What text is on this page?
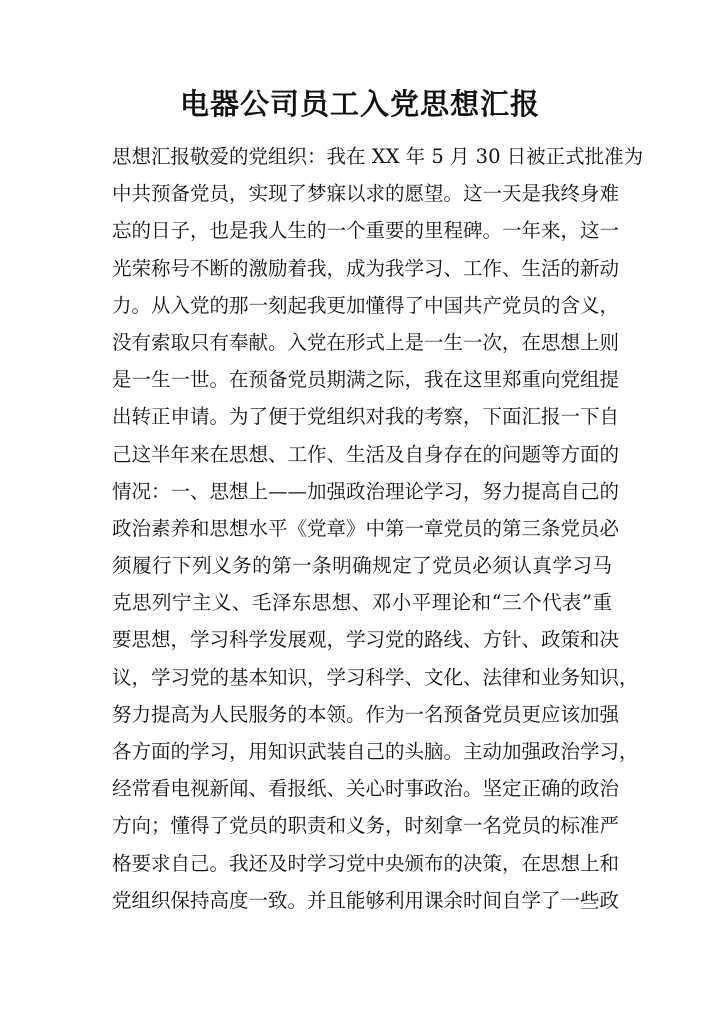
电器公司员工入党思想汇报
思想汇报敬爱的党组织：我在 XX 年 5 月 30 日被正式批准为
中共预备党员，实现了梦寐以求的愿望。这一天是我终身难
忘的日子，也是我人生的一个重要的里程碑。一年来，这一
光荣称号不断的激励着我，成为我学习、工作、生活的新动
力。从入党的那一刻起我更加懂得了中国共产党员的含义，
没有索取只有奉献。入党在形式上是一生一次，在思想上则
是一生一世。在预备党员期满之际，我在这里郑重向党组提
出转正申请。为了便于党组织对我的考察，下面汇报一下自
己这半年来在思想、工作、生活及自身存在的问题等方面的
情况：一、思想上——加强政治理论学习，努力提高自己的
政治素养和思想水平《党章》中第一章党员的第三条党员必
须履行下列义务的第一条明确规定了党员必须认真学习马
克思列宁主义、毛泽东思想、邓小平理论和“三个代表”重
要思想，学习科学发展观，学习党的路线、方针、政策和决
议，学习党的基本知识，学习科学、文化、法律和业务知识，
努力提高为人民服务的本领。作为一名预备党员更应该加强
各方面的学习，用知识武装自己的头脑。主动加强政治学习，
经常看电视新闻、看报纸、关心时事政治。坚定正确的政治
方向；懂得了党员的职责和义务，时刻拿一名党员的标准严
格要求自己。我还及时学习党中央颁布的决策，在思想上和
党组织保持高度一致。并且能够利用课余时间自学了一些政
